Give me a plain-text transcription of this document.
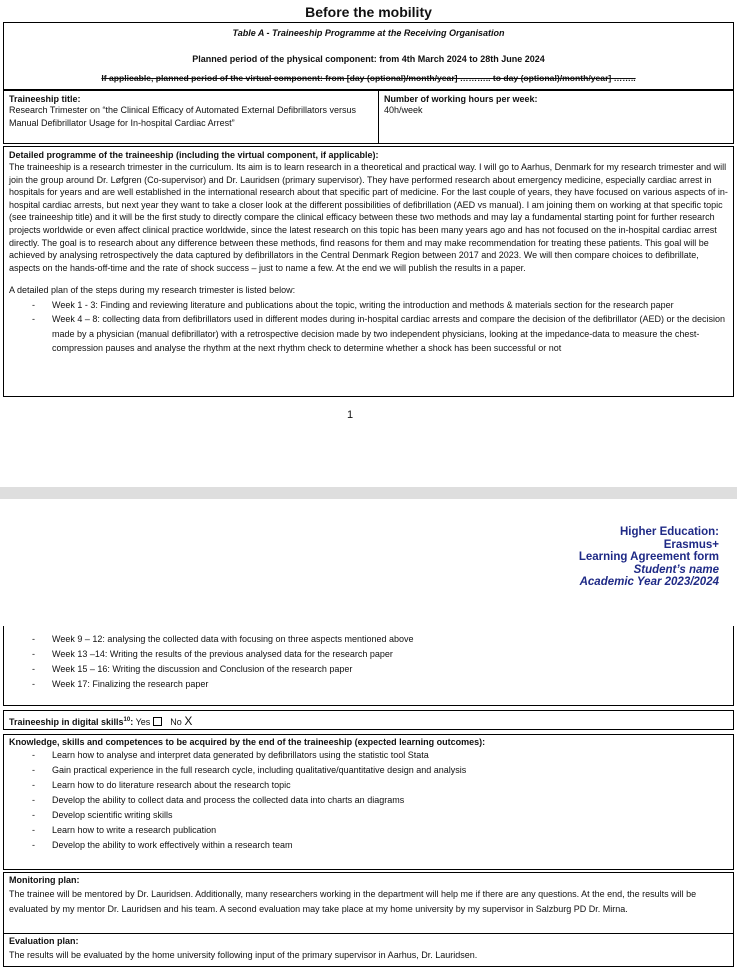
Before the mobility
Table A - Traineeship Programme at the Receiving Organisation
Planned period of the physical component: from 4th March 2024 to 28th June 2024
If applicable, planned period of the virtual component: from [day (optional)/month/year] ……….. to day (optional)/month/year] ……..
Traineeship title:
Research Trimester on “the Clinical Efficacy of Automated External Defibrillators versus Manual Defibrillator Usage for In-hospital Cardiac Arrest”
Number of working hours per week:
40h/week
Detailed programme of the traineeship (including the virtual component, if applicable):
The traineeship is a research trimester in the curriculum. Its aim is to learn research in a theoretical and practical way. I will go to Aarhus, Denmark for my research trimester and will join the group around Dr. Løfgren (Co-supervisor) and Dr. Lauridsen (primary supervisor). They have performed research about emergency medicine, especially cardiac arrest in hospitals for years and are well established in the international research about that specific part of medicine. For the last couple of years, they have focused on various aspects of in-hospital cardiac arrests, but next year they want to take a closer look at the different possibilities of defibrillation (AED vs manual). I am joining them on working at that specific topic (see traineeship title) and it will be the first study to directly compare the clinical efficacy between these two methods and may lay a fundamental starting point for further research projects worldwide or even affect clinical practice worldwide, since the latest research on this topic has been many years ago and has not focused on the in-hospital cardiac arrest directly. The goal is to research about any difference between these methods, find reasons for them and may make recommendation for treating these patients. This goal will be achieved by analysing retrospectively the data captured by defibrillators in the Central Denmark Region between 2017 and 2023. We will then compare choices to defibrillate, aspects on the hands-off-time and the rate of shock success – just to name a few. At the end we will publish the results in a paper.
A detailed plan of the steps during my research trimester is listed below:
- Week 1 - 3: Finding and reviewing literature and publications about the topic, writing the introduction and methods & materials section for the research paper
- Week 4 – 8: collecting data from defibrillators used in different modes during in-hospital cardiac arrests and compare the decision of the defibrillator (AED) or the decision made by a physician (manual defibrillator) with a retrospective decision made by two independent physicians, looking at the impedance-data to measure the chest-compression pauses and analyse the rhythm at the next rhythm check to determine whether a shock has been successful or not
1
Higher Education:
Erasmus+
Learning Agreement form
Student’s name
Academic Year 2023/2024
- Week 9 – 12: analysing the collected data with focusing on three aspects mentioned above
- Week 13 –14: Writing the results of the previous analysed data for the research paper
- Week 15 – 16: Writing the discussion and Conclusion of the research paper
- Week 17: Finalizing the research paper
Traineeship in digital skills$^{10}$: Yes No X
Knowledge, skills and competences to be acquired by the end of the traineeship (expected learning outcomes):
- Learn how to analyse and interpret data generated by defibrillators using the statistic tool Stata
- Gain practical experience in the full research cycle, including qualitative/quantitative design and analysis
- Learn how to do literature research about the research topic
- Develop the ability to collect data and process the collected data into charts an diagrams
- Develop scientific writing skills
- Learn how to write a research publication
- Develop the ability to work effectively within a research team
Monitoring plan:
The trainee will be mentored by Dr. Lauridsen. Additionally, many researchers working in the department will help me if there are any questions. At the end, the results will be evaluated by my mentor Dr. Lauridsen and his team. A second evaluation may take place at my home university by my supervisor in Salzburg PD Dr. Mirna.
Evaluation plan:
The results will be evaluated by the home university following input of the primary supervisor in Aarhus, Dr. Lauridsen.
